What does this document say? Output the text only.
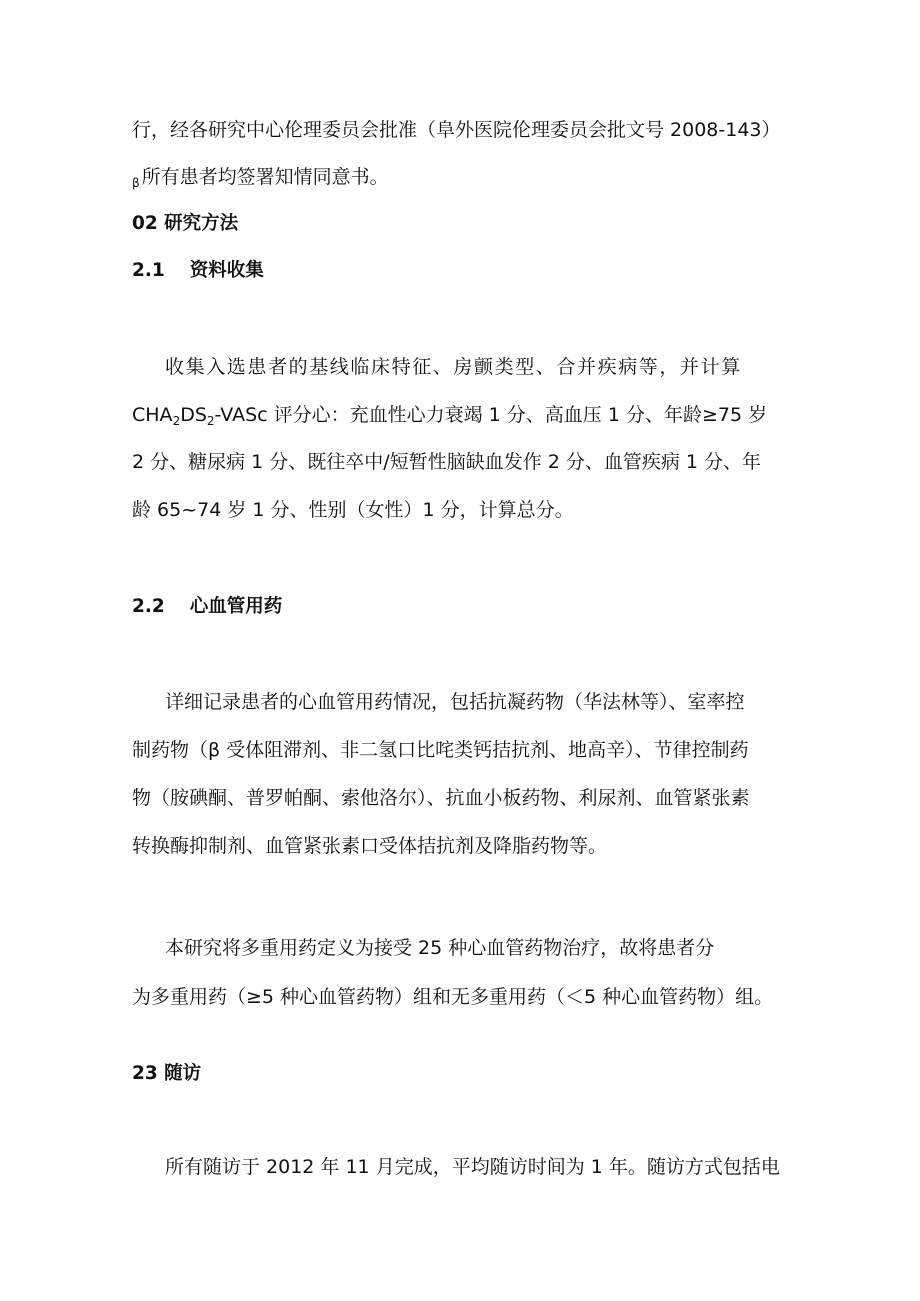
行，经各研究中心伦理委员会批准（阜外医院伦理委员会批文号 2008-143）
$_\beta$ 所有患者均签署知情同意书。
02 研究方法
2.1 资料收集
收集入选患者的基线临床特征、房颤类型、合并疾病等，并计算
$CHA_2DS_2$-VASc 评分心：充血性心力衰竭 1 分、高血压 1 分、年龄≥75 岁
2 分、糖尿病 1 分、既往卒中/短暂性脑缺血发作 2 分、血管疾病 1 分、年
龄 65~74 岁 1 分、性别（女性）1 分，计算总分。
2.2 心血管用药
详细记录患者的心血管用药情况，包括抗凝药物（华法林等）、室率控
制药物（β 受体阻滞剂、非二氢口比咤类钙拮抗剂、地高辛）、节律控制药
物（胺碘酮、普罗帕酮、索他洛尔）、抗血小板药物、利尿剂、血管紧张素
转换酶抑制剂、血管紧张素口受体拮抗剂及降脂药物等。
本研究将多重用药定义为接受 25 种心血管药物治疗，故将患者分
为多重用药（≥5 种心血管药物）组和无多重用药（＜5 种心血管药物）组。
23 随访
所有随访于 2012 年 11 月完成，平均随访时间为 1 年。随访方式包括电
